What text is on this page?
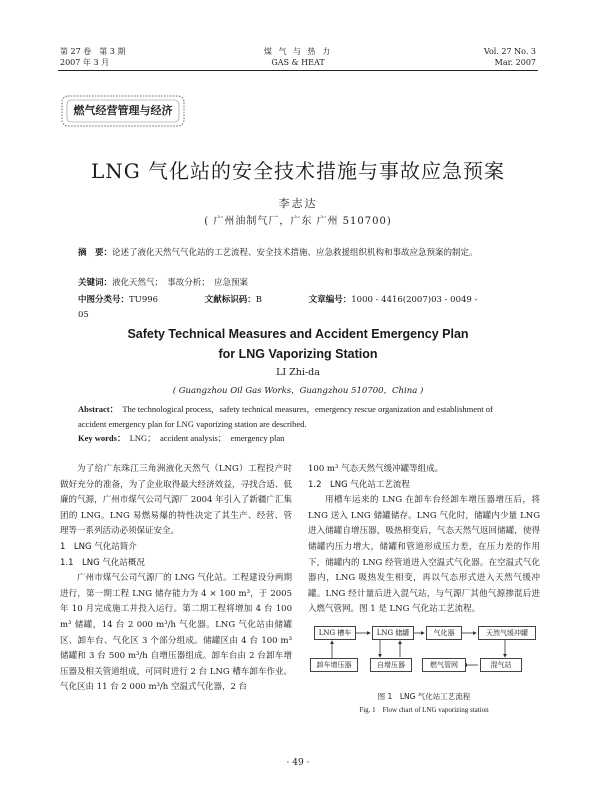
第 27 卷　第 3 期
2007 年 3 月
煤 气 与 热 力
GAS & HEAT
Vol. 27 No. 3
Mar. 2007
燃气经营管理与经济
LNG 气化站的安全技术措施与事故应急预案
李志达
( 广州油制气厂，广东 广州 510700)
摘　要：论述了液化天然气气化站的工艺流程、安全技术措施、应急救援组织机构和事故应急预案的制定。
关键词：液化天然气；　事故分析；　应急预案
中图分类号：TU996	文献标识码：B	文章编号：1000 - 4416(2007)03 - 0049 - 05
Safety Technical Measures and Accident Emergency Plan
for LNG Vaporizing Station
LI Zhi-da
( Guangzhou Oil Gas Works，Guangzhou 510700，China )
Abstract： The technological process，safety technical measures，emergency rescue organization and establishment of accident emergency plan for LNG vaporizing station are described.
Key words： LNG；　accident analysis；　emergency plan

为了给广东珠江三角洲液化天然气（LNG）工程投产时做好充分的准备，为了企业取得最大经济效益，寻找合适、低廉的气源，广州市煤气公司气源厂 2004 年引入了新疆广汇集团的 LNG。LNG 易燃易爆的特性决定了其生产、经营、管理等一系列活动必须保证安全。

1　LNG 气化站简介
1.1　LNG 气化站概况

广州市煤气公司气源厂的 LNG 气化站。工程建设分两期进行，第一期工程 LNG 储存能力为 4 × 100 m³，于 2005 年 10 月完成施工并投入运行。第二期工程将增加 4 台 100 m³ 储罐，14 台 2 000 m³/h 气化器。LNG 气化站由储罐区、卸车台、气化区 3 个部分组成。储罐区由 4 台 100 m³ 储罐和 3 台 500 m³/h 自增压器组成。卸车台由 2 台卸车增压器及相关管道组成，可同时进行 2 台 LNG 槽车卸车作业。气化区由 11 台 2 000 m³/h 空温式气化器，2 台

100 m³ 气态天然气缓冲罐等组成。
1.2　LNG 气化站工艺流程

用槽车运来的 LNG 在卸车台经卸车增压器增压后，将 LNG 送入 LNG 储罐储存。LNG 气化时，储罐内少量 LNG 进入储罐自增压器，吸热相变后，气态天然气返回储罐，使得储罐内压力增大，储罐和管道形成压力差，在压力差的作用下，储罐内的 LNG 经管道进入空温式气化器。在空温式气化器内，LNG 吸热发生相变，再以气态形式进入天然气缓冲罐。LNG 经计量后进入混气站，与气源厂其他气源掺混后进入燃气管网。图 1 是 LNG 气化站工艺流程。

LNG 槽车	LNG 储罐	气化器	天然气缓冲罐
卸车增压器	自增压器	燃气管网	混气站
图 1　LNG 气化站工艺流程
Fig. 1　Flow chart of LNG vaporizing station
· 49 ·
